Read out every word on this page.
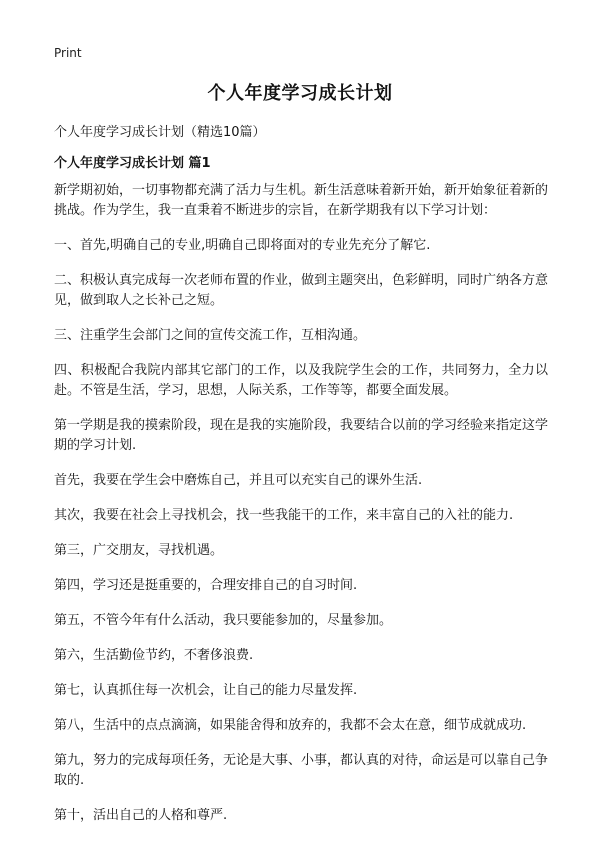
Print
个人年度学习成长计划
个人年度学习成长计划（精选10篇）
个人年度学习成长计划 篇1

新学期初始，一切事物都充满了活力与生机。新生活意味着新开始，新开始象征着新的挑战。作为学生，我一直秉着不断进步的宗旨，在新学期我有以下学习计划：

一、首先,明确自己的专业,明确自己即将面对的专业先充分了解它.

二、积极认真完成每一次老师布置的作业，做到主题突出，色彩鲜明，同时广纳各方意见，做到取人之长补己之短。

三、注重学生会部门之间的宣传交流工作，互相沟通。

四、积极配合我院内部其它部门的工作，以及我院学生会的工作，共同努力，全力以赴。不管是生活，学习，思想，人际关系，工作等等，都要全面发展。

第一学期是我的摸索阶段，现在是我的实施阶段，我要结合以前的学习经验来指定这学期的学习计划.

首先，我要在学生会中磨炼自己，并且可以充实自己的课外生活.

其次，我要在社会上寻找机会，找一些我能干的工作，来丰富自己的入社的能力.

第三，广交朋友，寻找机遇。

第四，学习还是挺重要的，合理安排自己的自习时间.

第五，不管今年有什么活动，我只要能参加的，尽量参加。

第六，生活勤俭节约，不奢侈浪费.

第七，认真抓住每一次机会，让自己的能力尽量发挥.

第八，生活中的点点滴滴，如果能舍得和放弃的，我都不会太在意，细节成就成功.

第九，努力的完成每项任务，无论是大事、小事，都认真的对待，命运是可以靠自己争取的.

第十，活出自己的人格和尊严.
